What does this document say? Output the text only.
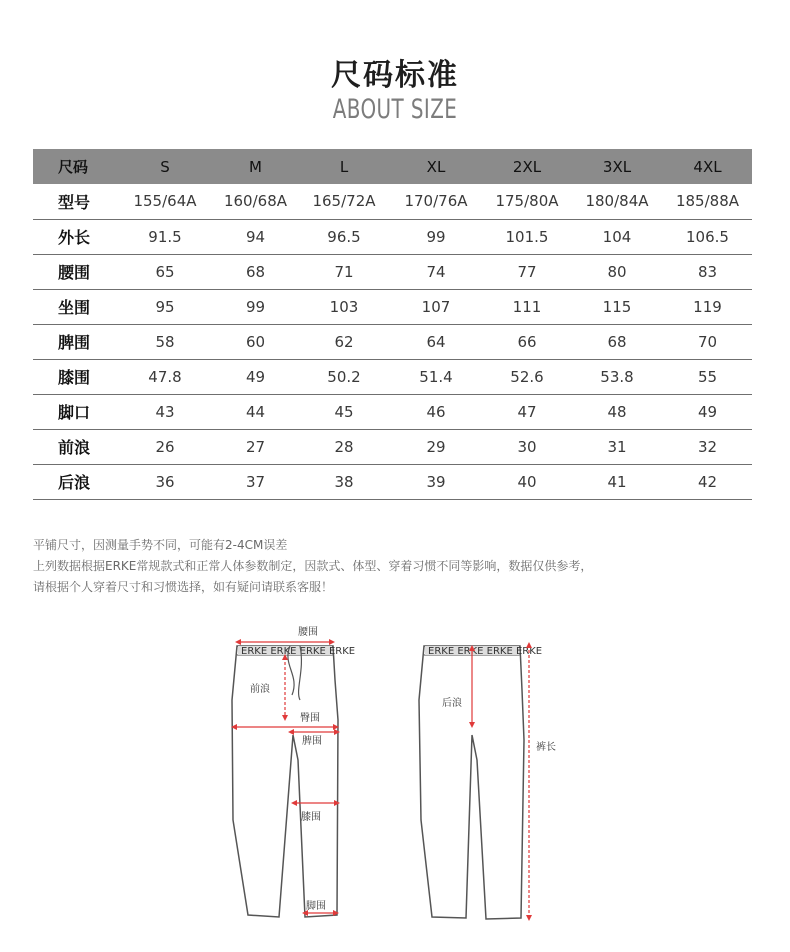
尺码标准
ABOUT SIZE
尺码	S	M	L	XL	2XL	3XL	4XL
型号	155/64A	160/68A	165/72A	170/76A	175/80A	180/84A	185/88A
外长	91.5	94	96.5	99	101.5	104	106.5
腰围	65	68	71	74	77	80	83
坐围	95	99	103	107	111	115	119
脾围	58	60	62	64	66	68	70
膝围	47.8	49	50.2	51.4	52.6	53.8	55
脚口	43	44	45	46	47	48	49
前浪	26	27	28	29	30	31	32
后浪	36	37	38	39	40	41	42
平铺尺寸，因测量手势不同，可能有2-4CM误差
上列数据根据ERKE常规款式和正常人体参数制定，因款式、体型、穿着习惯不同等影响，数据仅供参考，
请根据个人穿着尺寸和习惯选择，如有疑问请联系客服！
ERKE ERKE ERKE ERKE
腰围
前浪
臀围
脾围
膝围
脚围
ERKE ERKE ERKE ERKE
后浪
裤长
